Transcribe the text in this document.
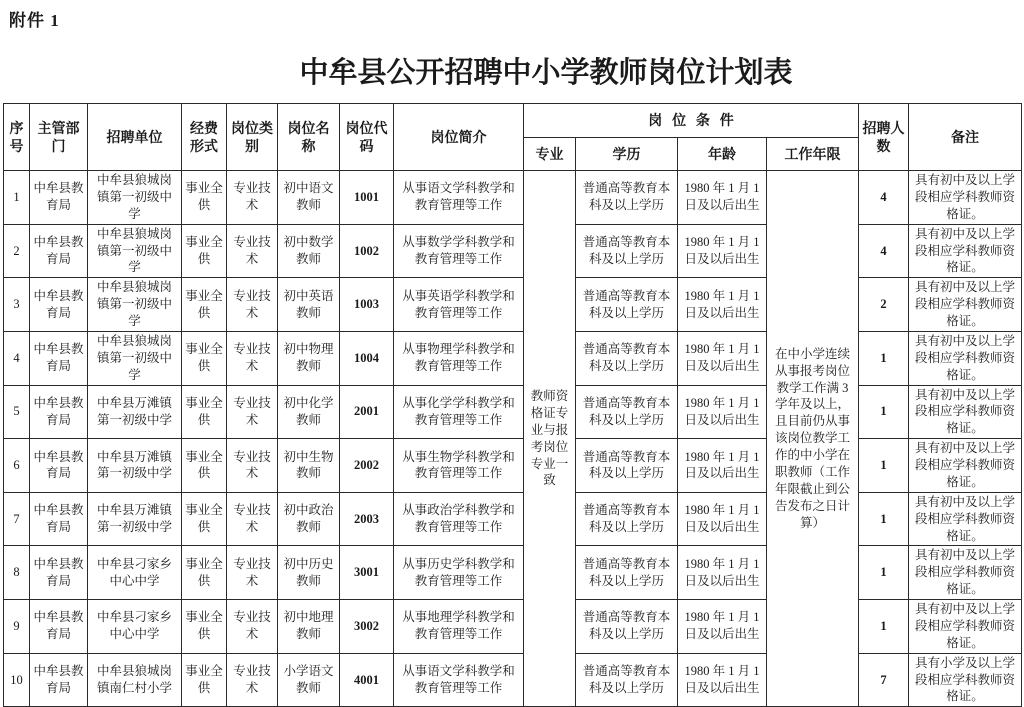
附件 1
中牟县公开招聘中小学教师岗位计划表
序号	主管部门	招聘单位	经费形式	岗位类别	岗位名称	岗位代码	岗位简介	岗位条件				招聘人数	备注
								专业	学历	年龄	工作年限		
1	中牟县教育局	中牟县狼城岗镇第一初级中学	事业全供	专业技术	初中语文教师	1001	从事语文学科教学和教育管理等工作	教师资格证专业与报考岗位专业一致	普通高等教育本科及以上学历	1980 年 1 月 1 日及以后出生	在中小学连续从事报考岗位教学工作满 3 学年及以上，且目前仍从事该岗位教学工作的中小学在职教师（工作年限截止到公告发布之日计算）	4	具有初中及以上学段相应学科教师资格证。
2	中牟县教育局	中牟县狼城岗镇第一初级中学	事业全供	专业技术	初中数学教师	1002	从事数学学科教学和教育管理等工作		普通高等教育本科及以上学历	1980 年 1 月 1 日及以后出生		4	具有初中及以上学段相应学科教师资格证。
3	中牟县教育局	中牟县狼城岗镇第一初级中学	事业全供	专业技术	初中英语教师	1003	从事英语学科教学和教育管理等工作		普通高等教育本科及以上学历	1980 年 1 月 1 日及以后出生		2	具有初中及以上学段相应学科教师资格证。
4	中牟县教育局	中牟县狼城岗镇第一初级中学	事业全供	专业技术	初中物理教师	1004	从事物理学科教学和教育管理等工作		普通高等教育本科及以上学历	1980 年 1 月 1 日及以后出生		1	具有初中及以上学段相应学科教师资格证。
5	中牟县教育局	中牟县万滩镇第一初级中学	事业全供	专业技术	初中化学教师	2001	从事化学学科教学和教育管理等工作		普通高等教育本科及以上学历	1980 年 1 月 1 日及以后出生		1	具有初中及以上学段相应学科教师资格证。
6	中牟县教育局	中牟县万滩镇第一初级中学	事业全供	专业技术	初中生物教师	2002	从事生物学科教学和教育管理等工作		普通高等教育本科及以上学历	1980 年 1 月 1 日及以后出生		1	具有初中及以上学段相应学科教师资格证。
7	中牟县教育局	中牟县万滩镇第一初级中学	事业全供	专业技术	初中政治教师	2003	从事政治学科教学和教育管理等工作		普通高等教育本科及以上学历	1980 年 1 月 1 日及以后出生		1	具有初中及以上学段相应学科教师资格证。
8	中牟县教育局	中牟县刁家乡中心中学	事业全供	专业技术	初中历史教师	3001	从事历史学科教学和教育管理等工作		普通高等教育本科及以上学历	1980 年 1 月 1 日及以后出生		1	具有初中及以上学段相应学科教师资格证。
9	中牟县教育局	中牟县刁家乡中心中学	事业全供	专业技术	初中地理教师	3002	从事地理学科教学和教育管理等工作		普通高等教育本科及以上学历	1980 年 1 月 1 日及以后出生		1	具有初中及以上学段相应学科教师资格证。
10	中牟县教育局	中牟县狼城岗镇南仁村小学	事业全供	专业技术	小学语文教师	4001	从事语文学科教学和教育管理等工作		普通高等教育本科及以上学历	1980 年 1 月 1 日及以后出生		7	具有小学及以上学段相应学科教师资格证。
